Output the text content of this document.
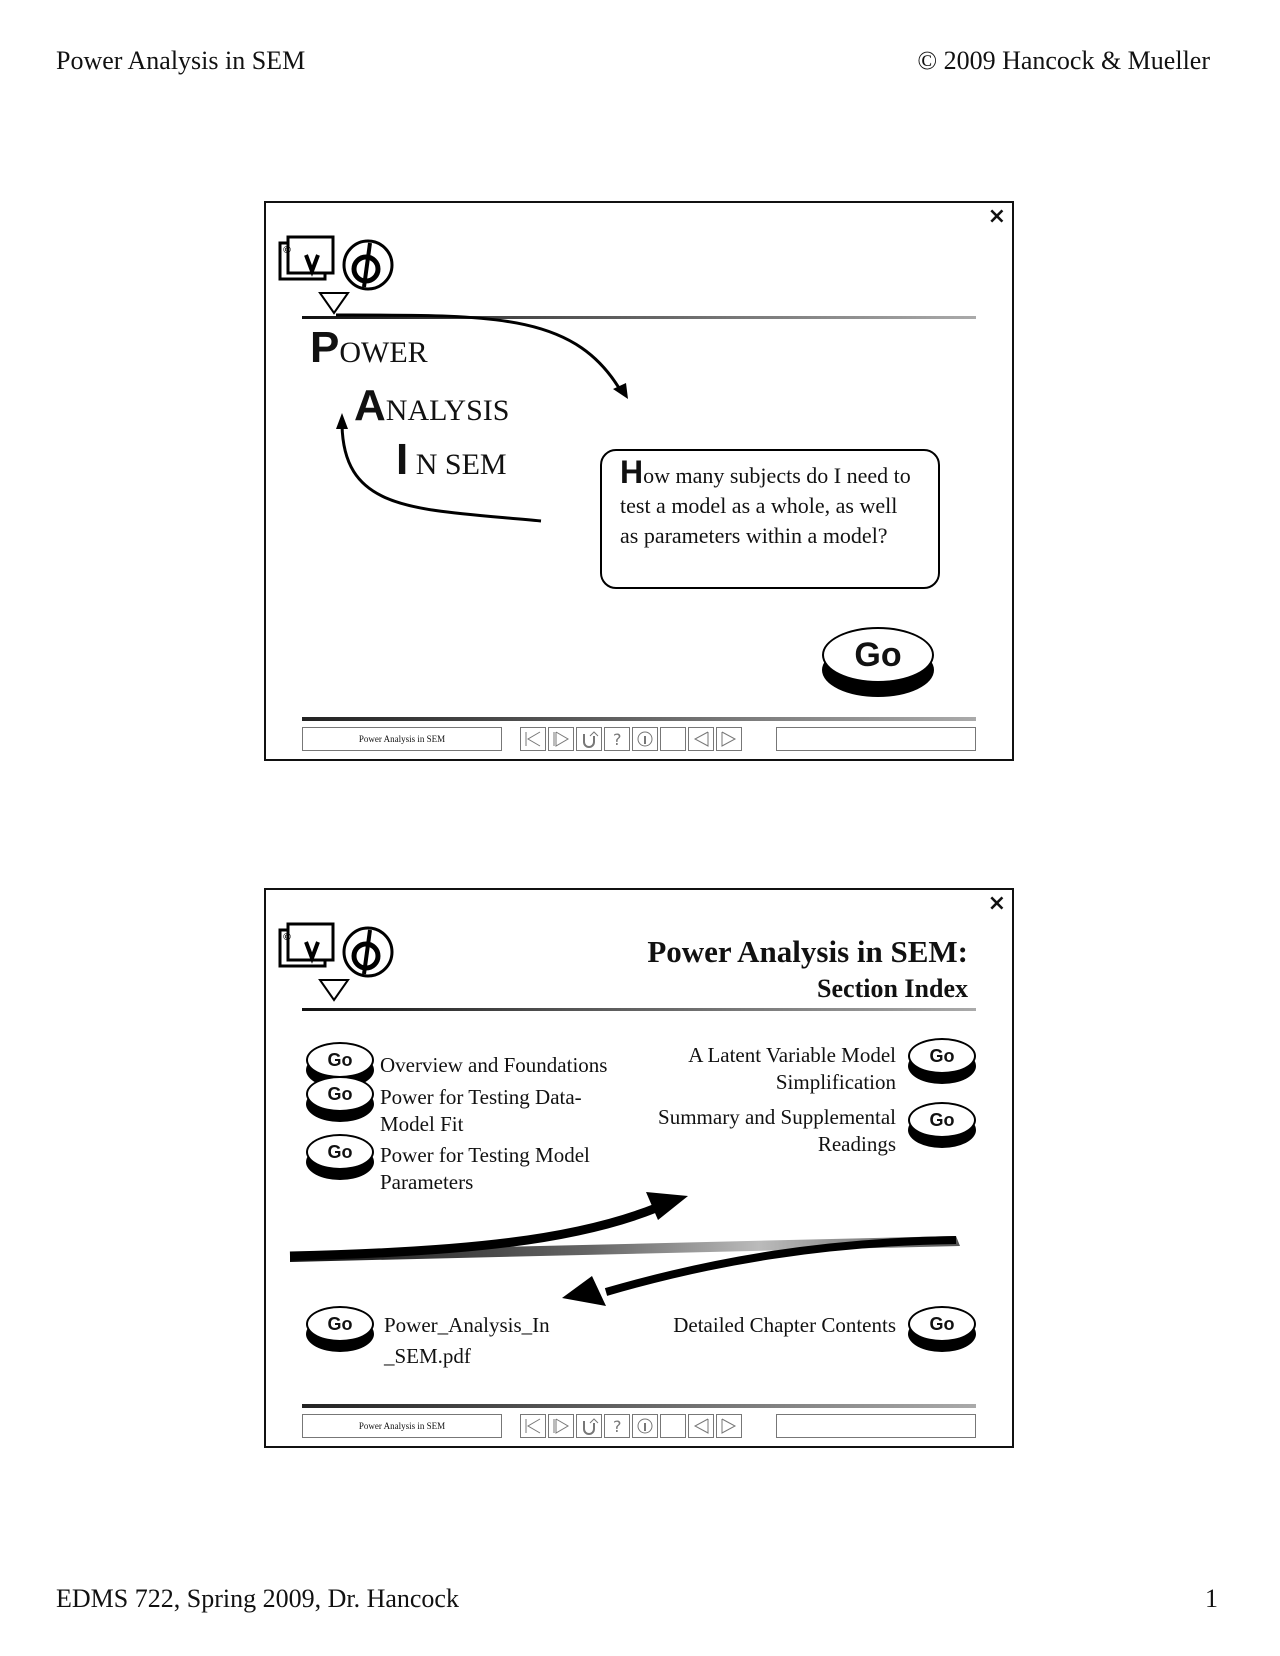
Power Analysis in SEM	© 2009 Hancock & Mueller
×
©
POWER
ANALYSIS
I N SEM	How many subjects do I need to test a model as a whole, as well as parameters within a model?
Go
Power Analysis in SEM	?
×
©	Power Analysis in SEM:
Section Index
Go	Overview and Foundations
Go	Power for Testing Data-Model Fit
Go	Power for Testing Model Parameters
A Latent Variable Model Simplification
Go
Summary and Supplemental Readings
Go
Go	Power_Analysis_In _SEM.pdf
Detailed Chapter Contents	Go
Power Analysis in SEM	?
EDMS 722, Spring 2009, Dr. Hancock	1
